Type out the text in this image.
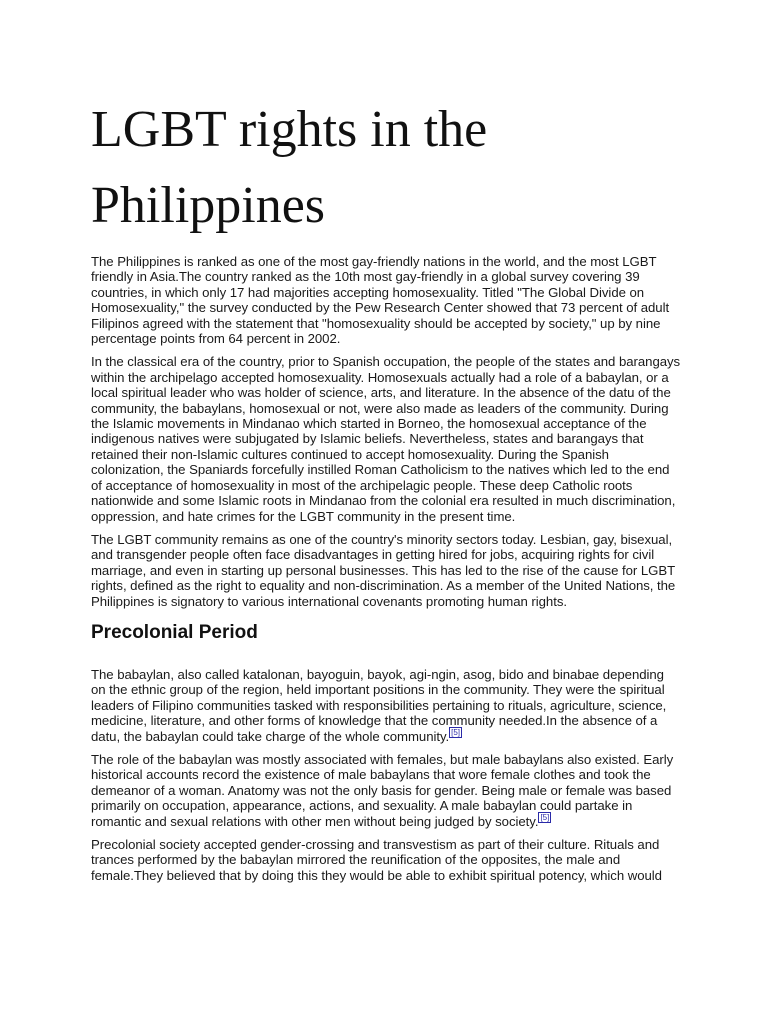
LGBT rights in the Philippines

The Philippines is ranked as one of the most gay-friendly nations in the world, and the most LGBT friendly in Asia.The country ranked as the 10th most gay-friendly in a global survey covering 39 countries, in which only 17 had majorities accepting homosexuality. Titled "The Global Divide on Homosexuality," the survey conducted by the Pew Research Center showed that 73 percent of adult Filipinos agreed with the statement that "homosexuality should be accepted by society," up by nine percentage points from 64 percent in 2002.

In the classical era of the country, prior to Spanish occupation, the people of the states and barangays within the archipelago accepted homosexuality. Homosexuals actually had a role of a babaylan, or a local spiritual leader who was holder of science, arts, and literature. In the absence of the datu of the community, the babaylans, homosexual or not, were also made as leaders of the community. During the Islamic movements in Mindanao which started in Borneo, the homosexual acceptance of the indigenous natives were subjugated by Islamic beliefs. Nevertheless, states and barangays that retained their non-Islamic cultures continued to accept homosexuality. During the Spanish colonization, the Spaniards forcefully instilled Roman Catholicism to the natives which led to the end of acceptance of homosexuality in most of the archipelagic people. These deep Catholic roots nationwide and some Islamic roots in Mindanao from the colonial era resulted in much discrimination, oppression, and hate crimes for the LGBT community in the present time.

The LGBT community remains as one of the country's minority sectors today. Lesbian, gay, bisexual, and transgender people often face disadvantages in getting hired for jobs, acquiring rights for civil marriage, and even in starting up personal businesses. This has led to the rise of the cause for LGBT rights, defined as the right to equality and non-discrimination. As a member of the United Nations, the Philippines is signatory to various international covenants promoting human rights.

Precolonial Period

The babaylan, also called katalonan, bayoguin, bayok, agi-ngin, asog, bido and binabae depending on the ethnic group of the region, held important positions in the community. They were the spiritual leaders of Filipino communities tasked with responsibilities pertaining to rituals, agriculture, science, medicine, literature, and other forms of knowledge that the community needed.In the absence of a datu, the babaylan could take charge of the whole community. [5]

The role of the babaylan was mostly associated with females, but male babaylans also existed. Early historical accounts record the existence of male babaylans that wore female clothes and took the demeanor of a woman. Anatomy was not the only basis for gender. Being male or female was based primarily on occupation, appearance, actions, and sexuality. A male babaylan could partake in romantic and sexual relations with other men without being judged by society. [5]

Precolonial society accepted gender-crossing and transvestism as part of their culture. Rituals and trances performed by the babaylan mirrored the reunification of the opposites, the male and female.They believed that by doing this they would be able to exhibit spiritual potency, which would
